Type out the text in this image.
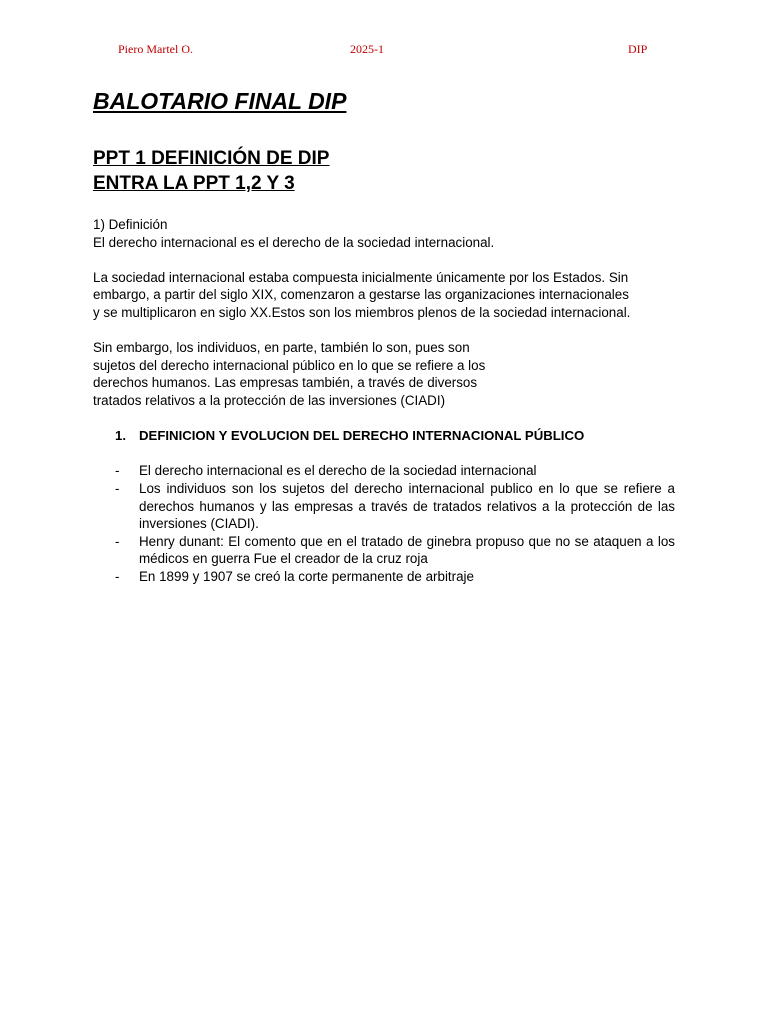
Piero Martel O.	2025-1	DIP
BALOTARIO FINAL DIP
PPT 1 DEFINICIÓN DE DIP
ENTRA LA PPT 1,2 Y 3

1) Definición

El derecho internacional es el derecho de la sociedad internacional.

La sociedad internacional estaba compuesta inicialmente únicamente por los Estados. Sin embargo, a partir del siglo XIX, comenzaron a gestarse las organizaciones internacionales y se multiplicaron en siglo XX.Estos son los miembros plenos de la sociedad internacional.

Sin embargo, los individuos, en parte, también lo son, pues son sujetos del derecho internacional público en lo que se refiere a los derechos humanos. Las empresas también, a través de diversos tratados relativos a la protección de las inversiones (CIADI)

1. DEFINICION Y EVOLUCION DEL DERECHO INTERNACIONAL PÚBLICO
-	El derecho internacional es el derecho de la sociedad internacional
-	Los individuos son los sujetos del derecho internacional publico en lo que se refiere a derechos humanos y las empresas a través de tratados relativos a la protección de las inversiones (CIADI).
-	Henry dunant: El comento que en el tratado de ginebra propuso que no se ataquen a los médicos en guerra Fue el creador de la cruz roja
-	En 1899 y 1907 se creó la corte permanente de arbitraje
